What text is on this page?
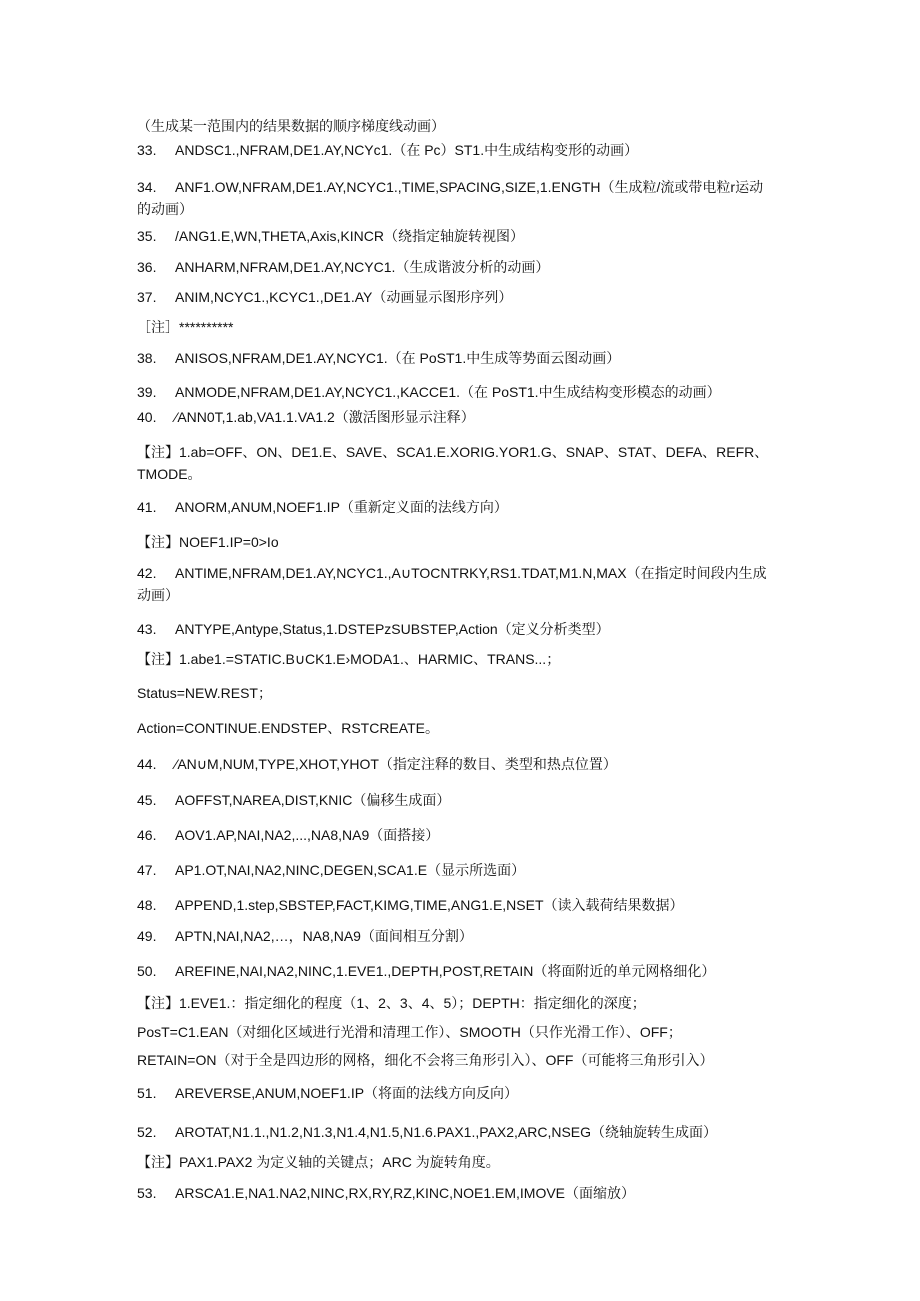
（生成某一范围内的结果数据的顺序梯度线动画）
33. ANDSC1.,NFRAM,DE1.AY,NCYc1.（在 Pc）ST1.中生成结构变形的动画）
34. ANF1.OW,NFRAM,DE1.AY,NCYC1.,TIME,SPACING,SIZE,1.ENGTH（生成粒/流或带电粒r运动的动画）
35. /ANG1.E,WN,THETA,Axis,KINCR（绕指定轴旋转视图）
36. ANHARM,NFRAM,DE1.AY,NCYC1.（生成谐波分析的动画）
37. ANIM,NCYC1.,KCYC1.,DE1.AY（动画显示图形序列）
［注］**********
38. ANISOS,NFRAM,DE1.AY,NCYC1.（在 PoST1.中生成等势面云图动画）
39. ANMODE,NFRAM,DE1.AY,NCYC1.,KACCE1.（在 PoST1.中生成结构变形模态的动画）
40. ⁄ANN0T,1.ab,VA1.1.VA1.2（激活图形显示注释）
【注】1.ab=OFF、ON、DE1.E、SAVE、SCA1.E.XORIG.YOR1.G、SNAP、STAT、DEFA、REFR、TMODE。
41. ANORM,ANUM,NOEF1.IP（重新定义面的法线方向）
【注】NOEF1.IP=0>Io
42. ANTIME,NFRAM,DE1.AY,NCYC1.,A∪TOCNTRKY,RS1.TDAT,M1.N,MAX（在指定时间段内生成动画）
43. ANTYPE,Antype,Status,1.DSTEPzSUBSTEP,Action（定义分析类型）
【注】1.abe1.=STATIC.B∪CK1.E›MODA1.、HARMIC、TRANS...；
Status=NEW.REST；
Action=CONTINUE.ENDSTEP、RSTCREATE。
44. ⁄AN∪M,NUM,TYPE,XHOT,YHOT（指定注释的数目、类型和热点位置）
45. AOFFST,NAREA,DIST,KNIC（偏移生成面）
46. AOV1.AP,NAI,NA2,...,NA8,NA9（面搭接）
47. AP1.OT,NAI,NA2,NINC,DEGEN,SCA1.E（显示所选面）
48. APPEND,1.step,SBSTEP,FACT,KIMG,TIME,ANG1.E,NSET（读入载荷结果数据）
49. APTN,NAI,NA2,…，NA8,NA9（面间相互分割）
50. AREFINE,NAI,NA2,NINC,1.EVE1.,DEPTH,POST,RETAIN（将面附近的单元网格细化）
【注】1.EVE1.：指定细化的程度（1、2、3、4、5）；DEPTH：指定细化的深度；
PosT=C1.EAN（对细化区域进行光滑和清理工作）、SMOOTH（只作光滑工作）、OFF；
RETAIN=ON（对于全是四边形的网格，细化不会将三角形引入）、OFF（可能将三角形引入）
51. AREVERSE,ANUM,NOEF1.IP（将面的法线方向反向）
52. AROTAT,N1.1.,N1.2,N1.3,N1.4,N1.5,N1.6.PAX1.,PAX2,ARC,NSEG（绕轴旋转生成面）
【注】PAX1.PAX2 为定义轴的关键点；ARC 为旋转角度。
53. ARSCA1.E,NA1.NA2,NINC,RX,RY,RZ,KINC,NOE1.EM,IMOVE（面缩放）
